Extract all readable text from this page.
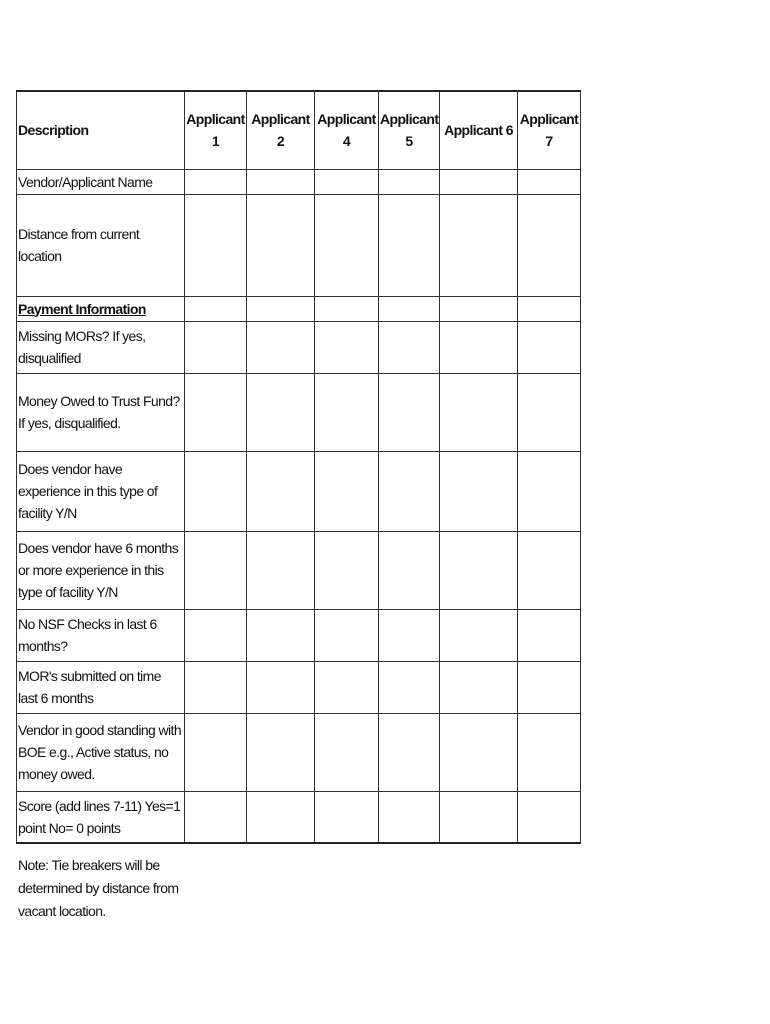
Description	Applicant 1	Applicant 2	Applicant 4	Applicant 5	Applicant 6	Applicant 7

Vendor/Applicant Name						

Distance from current location						

Payment Information						

Missing MORs? If yes, disqualified						

Money Owed to Trust Fund? If yes, disqualified.						

Does vendor have experience in this type of facility Y/N						

Does vendor have 6 months or more experience in this type of facility Y/N						

No NSF Checks in last 6 months?						

MOR's submitted on time last 6 months						

Vendor in good standing with BOE e.g., Active status, no money owed.						

Score (add lines 7-11) Yes=1 point No= 0 points						

Note: Tie breakers will be determined by distance from vacant location.
